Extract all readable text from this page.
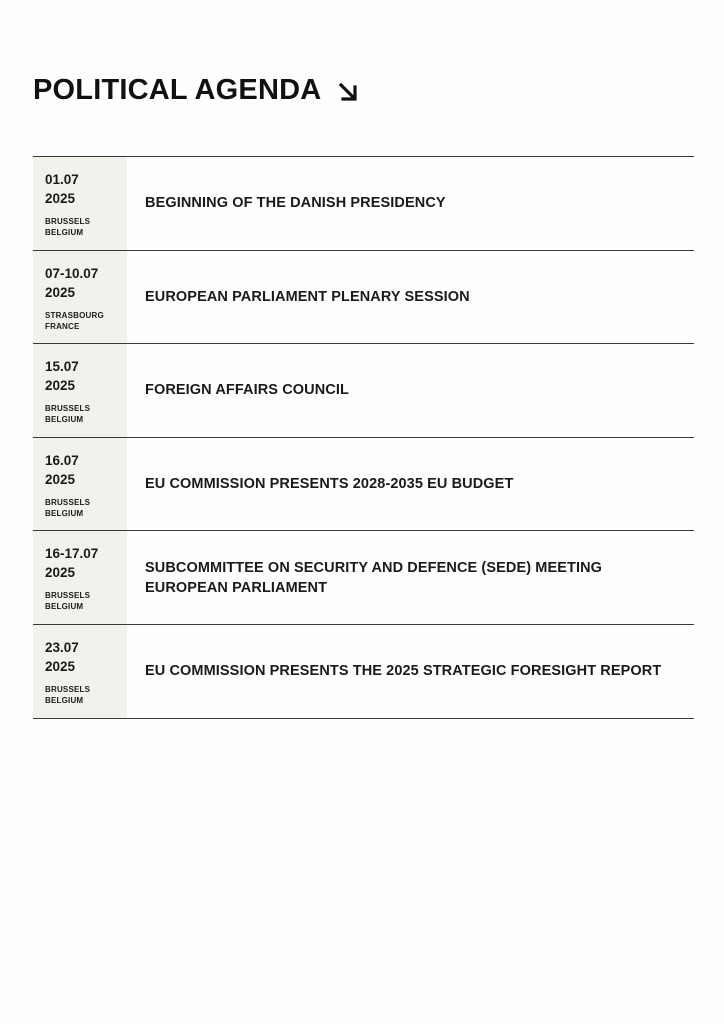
POLITICAL AGENDA
01.07
2025
BRUSSELS
BELGIUM
BEGINNING OF THE DANISH PRESIDENCY
07-10.07
2025
STRASBOURG
FRANCE
EUROPEAN PARLIAMENT PLENARY SESSION
15.07
2025
BRUSSELS
BELGIUM
FOREIGN AFFAIRS COUNCIL
16.07
2025
BRUSSELS
BELGIUM
EU COMMISSION PRESENTS 2028-2035 EU BUDGET
16-17.07
2025
BRUSSELS
BELGIUM
SUBCOMMITTEE ON SECURITY AND DEFENCE (SEDE) MEETING
EUROPEAN PARLIAMENT
23.07
2025
BRUSSELS
BELGIUM
EU COMMISSION PRESENTS THE 2025 STRATEGIC FORESIGHT REPORT
